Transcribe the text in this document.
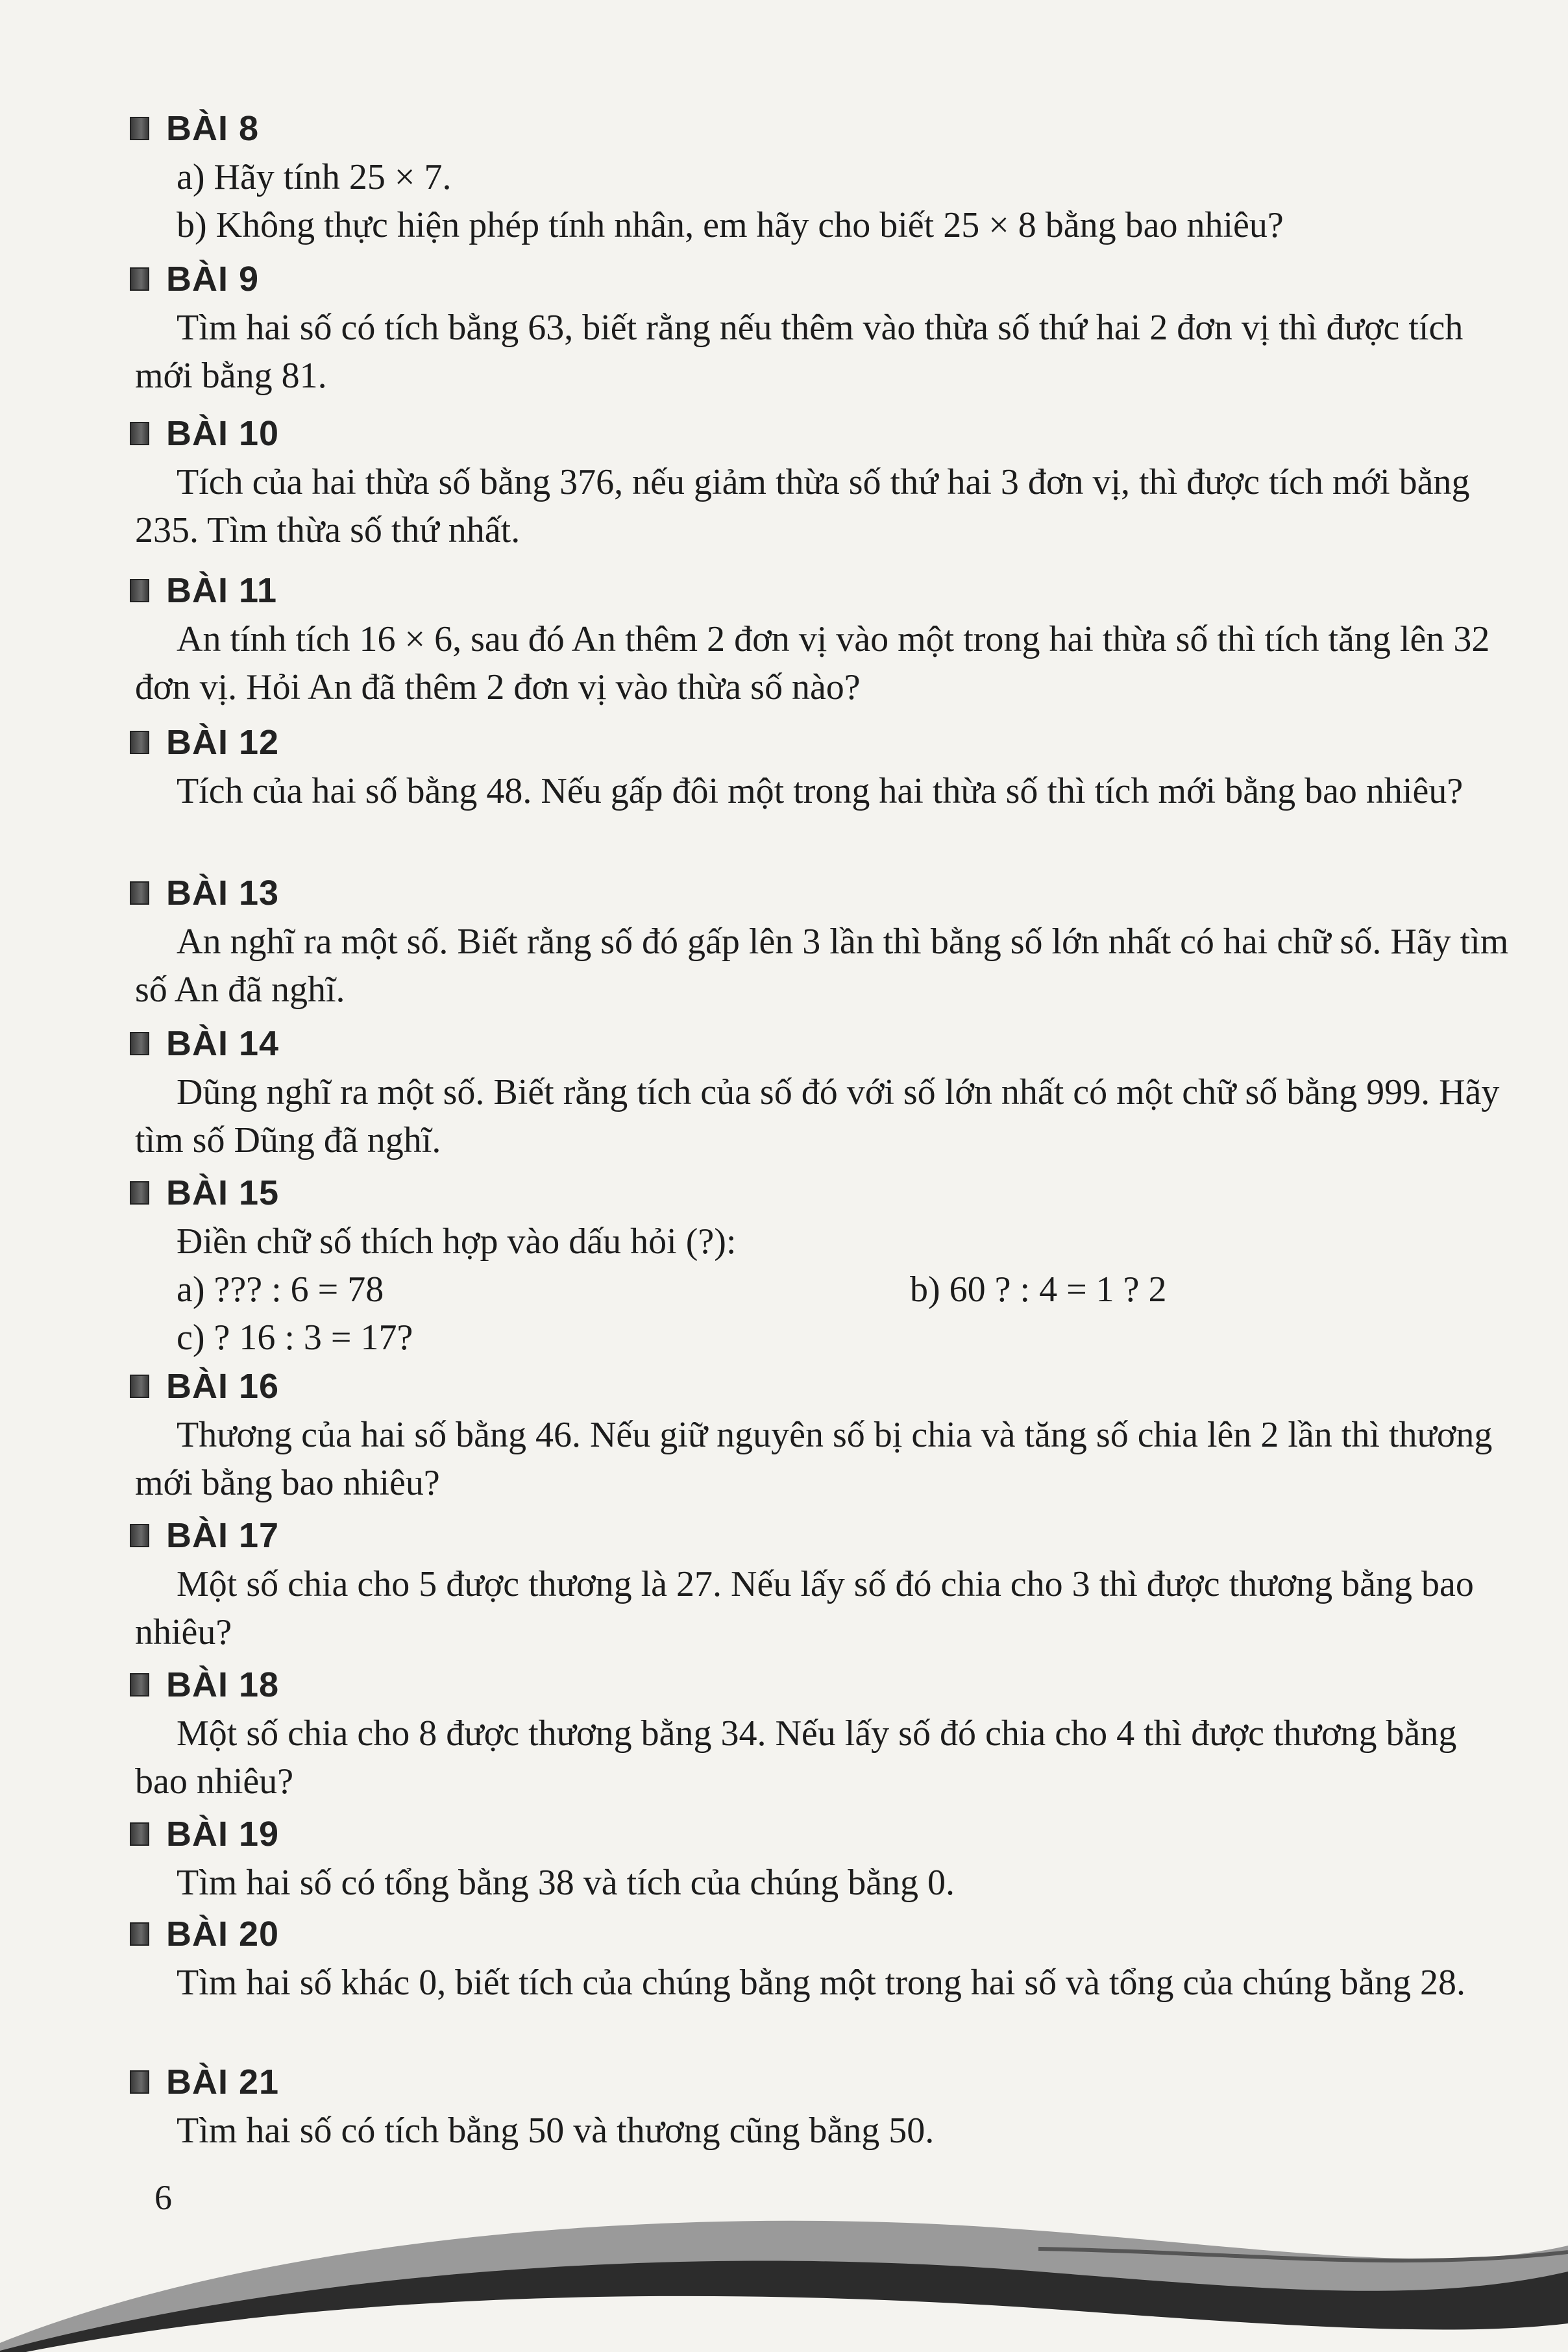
BÀI 8
a) Hãy tính 25 × 7.
b) Không thực hiện phép tính nhân, em hãy cho biết 25 × 8 bằng bao nhiêu?
BÀI 9
Tìm hai số có tích bằng 63, biết rằng nếu thêm vào thừa số thứ hai 2 đơn vị thì được tích mới bằng 81.
BÀI 10
Tích của hai thừa số bằng 376, nếu giảm thừa số thứ hai 3 đơn vị, thì được tích mới bằng 235. Tìm thừa số thứ nhất.
BÀI 11
An tính tích 16 × 6, sau đó An thêm 2 đơn vị vào một trong hai thừa số thì tích tăng lên 32 đơn vị. Hỏi An đã thêm 2 đơn vị vào thừa số nào?
BÀI 12
Tích của hai số bằng 48. Nếu gấp đôi một trong hai thừa số thì tích mới bằng bao nhiêu?
BÀI 13
An nghĩ ra một số. Biết rằng số đó gấp lên 3 lần thì bằng số lớn nhất có hai chữ số. Hãy tìm số An đã nghĩ.
BÀI 14
Dũng nghĩ ra một số. Biết rằng tích của số đó với số lớn nhất có một chữ số bằng 999. Hãy tìm số Dũng đã nghĩ.
BÀI 15
Điền chữ số thích hợp vào dấu hỏi (?):
a) ??? : 6 = 78	b) 60 ? : 4 = 1 ? 2
c) ? 16 : 3 = 17?
BÀI 16
Thương của hai số bằng 46. Nếu giữ nguyên số bị chia và tăng số chia lên 2 lần thì thương mới bằng bao nhiêu?
BÀI 17
Một số chia cho 5 được thương là 27. Nếu lấy số đó chia cho 3 thì được thương bằng bao nhiêu?
BÀI 18
Một số chia cho 8 được thương bằng 34. Nếu lấy số đó chia cho 4 thì được thương bằng bao nhiêu?
BÀI 19
Tìm hai số có tổng bằng 38 và tích của chúng bằng 0.
BÀI 20
Tìm hai số khác 0, biết tích của chúng bằng một trong hai số và tổng của chúng bằng 28.
BÀI 21
Tìm hai số có tích bằng 50 và thương cũng bằng 50.
6
